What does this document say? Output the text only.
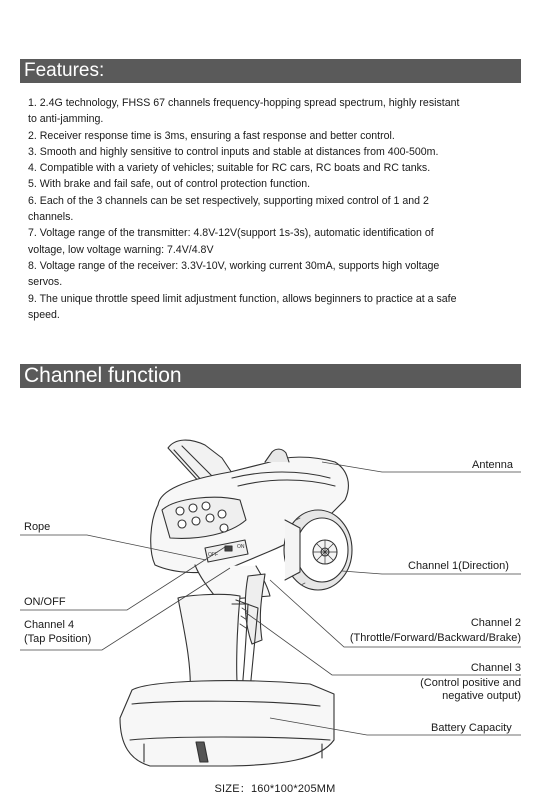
Features:
1. 2.4G technology, FHSS 67 channels frequency-hopping spread spectrum, highly resistant
to anti-jamming.
2. Receiver response time is 3ms, ensuring a fast response and better control.
3. Smooth and highly sensitive to control inputs and stable at distances from 400-500m.
4. Compatible with a variety of vehicles; suitable for RC cars, RC boats and RC tanks.
5. With brake and fail safe, out of control protection function.
6. Each of the 3 channels can be set respectively, supporting mixed control of 1 and 2
channels.
7. Voltage range of the transmitter: 4.8V-12V(support 1s-3s), automatic identification of
voltage, low voltage warning: 7.4V/4.8V
8. Voltage range of the receiver: 3.3V-10V, working current 30mA, supports high voltage
servos.
9. The unique throttle speed limit adjustment function, allows beginners to practice at a safe
speed.
Channel function
OFF
ON
Antenna
Rope
ON/OFF
Channel 4
(Tap Position)
Channel 1(Direction)
Channel 2
(Throttle/Forward/Backward/Brake)
Channel 3
(Control positive and
negative output)
Battery Capacity
SIZE：160*100*205MM
